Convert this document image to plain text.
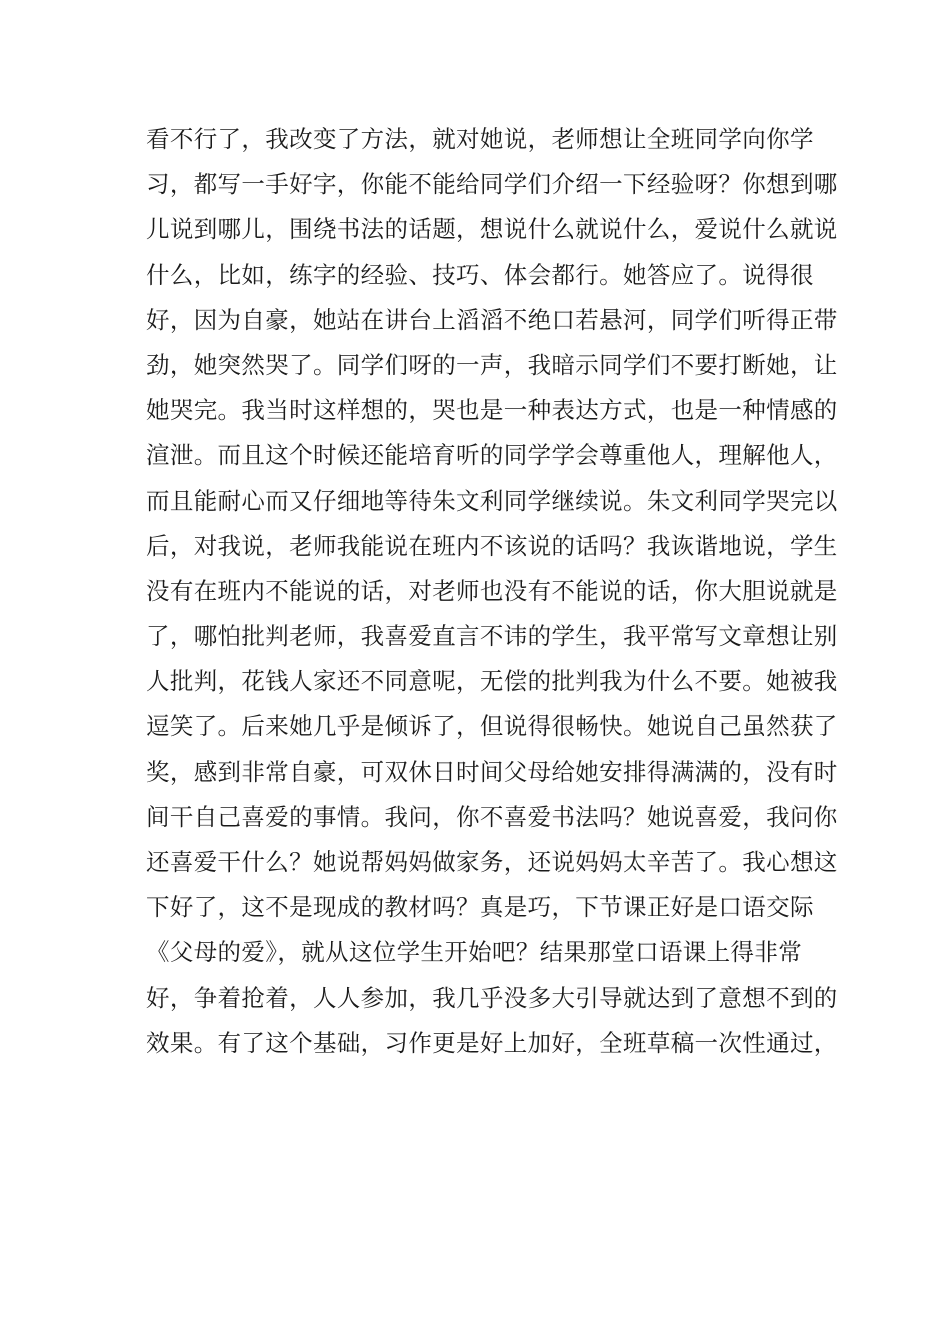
看不行了，我改变了方法，就对她说，老师想让全班同学向你学
习，都写一手好字，你能不能给同学们介绍一下经验呀？你想到哪
儿说到哪儿，围绕书法的话题，想说什么就说什么，爱说什么就说
什么，比如，练字的经验、技巧、体会都行。她答应了。说得很
好，因为自豪，她站在讲台上滔滔不绝口若悬河，同学们听得正带
劲，她突然哭了。同学们呀的一声，我暗示同学们不要打断她，让
她哭完。我当时这样想的，哭也是一种表达方式，也是一种情感的
渲泄。而且这个时候还能培育听的同学学会尊重他人，理解他人，
而且能耐心而又仔细地等待朱文利同学继续说。朱文利同学哭完以
后，对我说，老师我能说在班内不该说的话吗？我诙谐地说，学生
没有在班内不能说的话，对老师也没有不能说的话，你大胆说就是
了，哪怕批判老师，我喜爱直言不讳的学生，我平常写文章想让别
人批判，花钱人家还不同意呢，无偿的批判我为什么不要。她被我
逗笑了。后来她几乎是倾诉了，但说得很畅快。她说自己虽然获了
奖，感到非常自豪，可双休日时间父母给她安排得满满的，没有时
间干自己喜爱的事情。我问，你不喜爱书法吗？她说喜爱，我问你
还喜爱干什么？她说帮妈妈做家务，还说妈妈太辛苦了。我心想这
下好了，这不是现成的教材吗？真是巧，下节课正好是口语交际
《父母的爱》，就从这位学生开始吧？结果那堂口语课上得非常
好，争着抢着，人人参加，我几乎没多大引导就达到了意想不到的
效果。有了这个基础，习作更是好上加好，全班草稿一次性通过，
